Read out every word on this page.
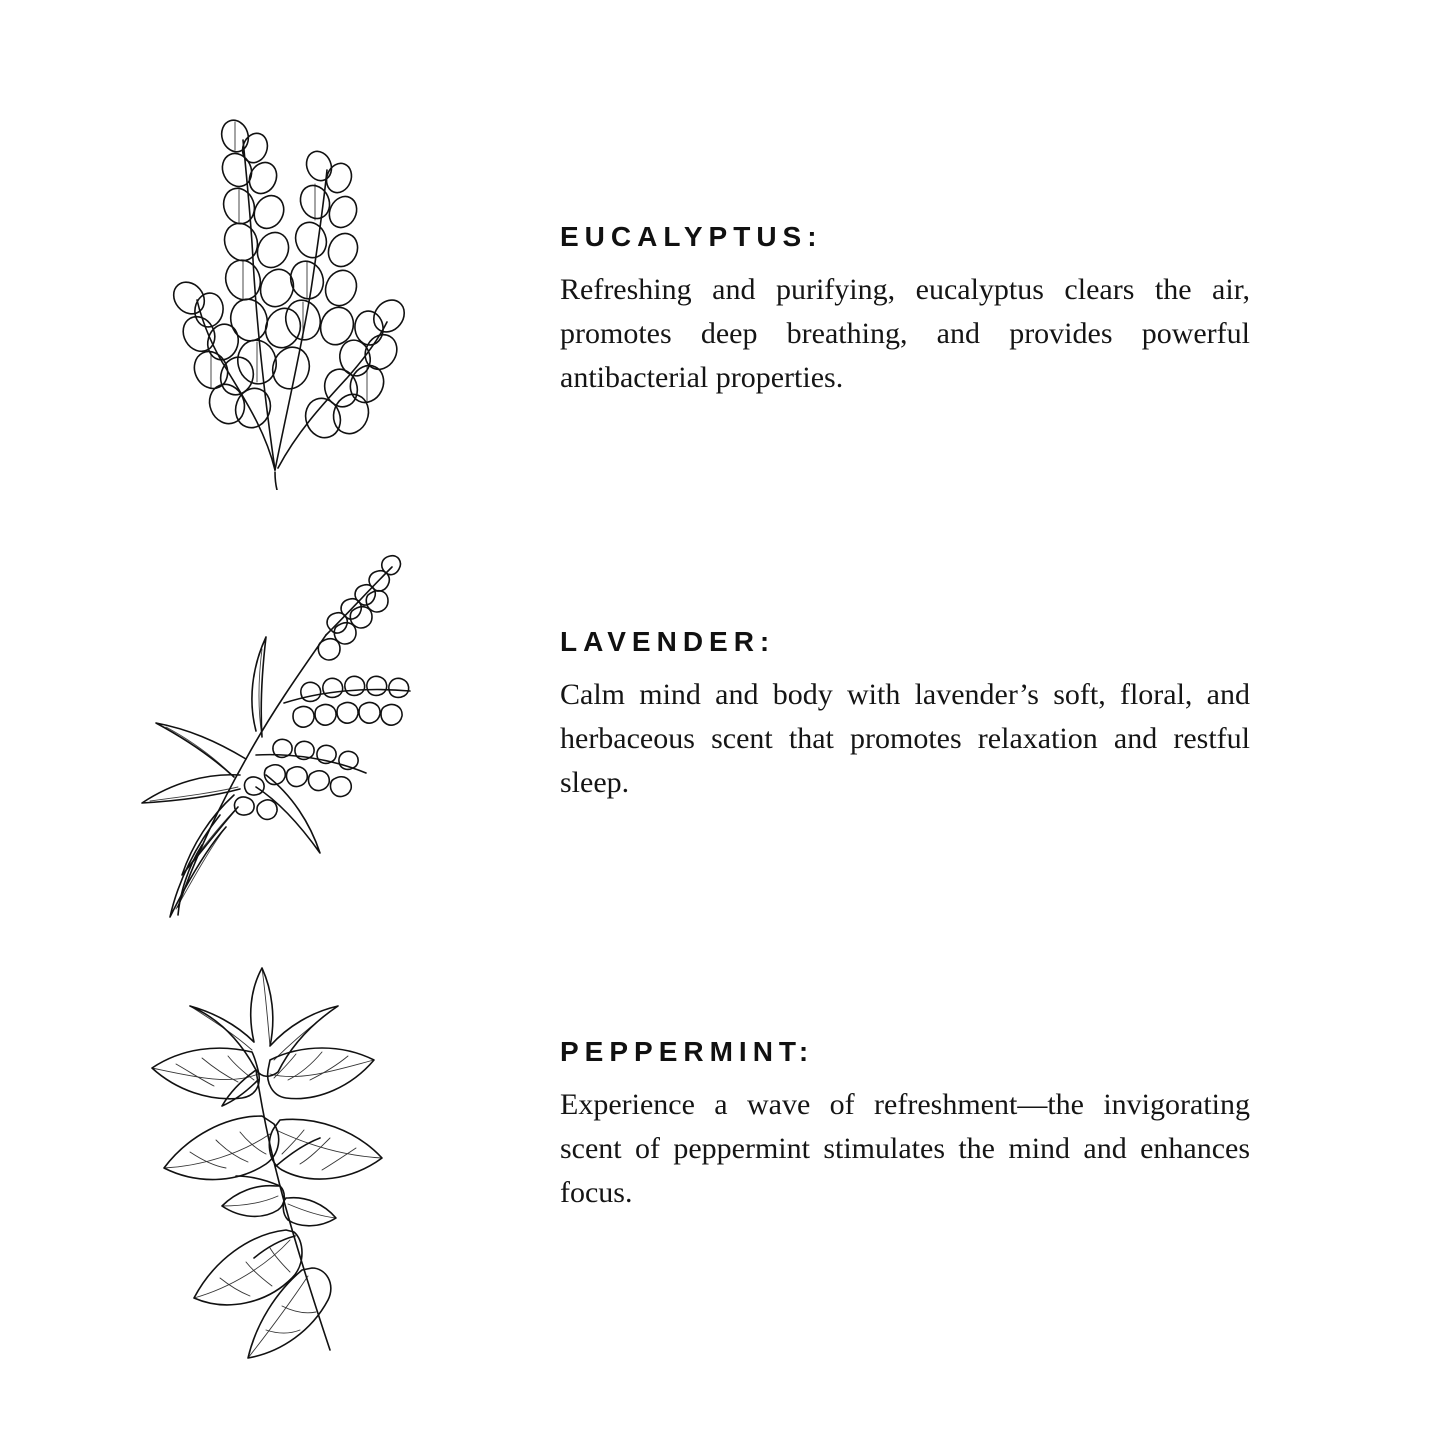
EUCALYPTUS:

Refreshing and purifying, eucalyptus clears the air, promotes deep breathing, and provides powerful antibacterial properties.

LAVENDER:

Calm mind and body with lavender’s soft, floral, and herbaceous scent that promotes relaxation and restful sleep.

PEPPERMINT:

Experience a wave of refreshment—the invigorating scent of peppermint stimulates the mind and enhances focus.
